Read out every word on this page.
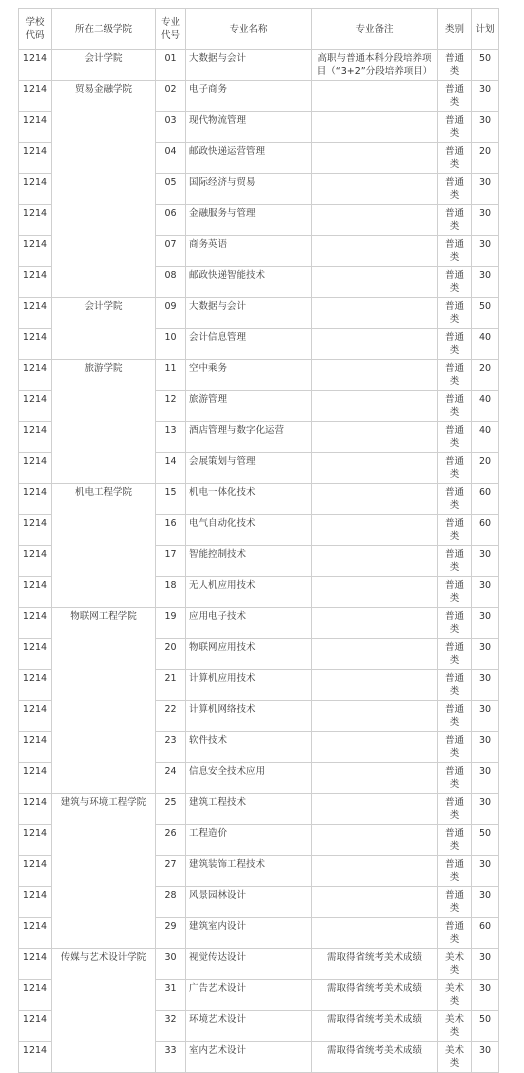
学校代码	所在二级学院	专业代号	专业名称	专业备注	类别	计划
1214	会计学院	01	大数据与会计	高职与普通本科分段培养项目（“3+2”分段培养项目）	普通类	50
1214	贸易金融学院	02	电子商务		普通类	30
1214		03	现代物流管理		普通类	30
1214		04	邮政快递运营管理		普通类	20
1214		05	国际经济与贸易		普通类	30
1214		06	金融服务与管理		普通类	30
1214		07	商务英语		普通类	30
1214		08	邮政快递智能技术		普通类	30
1214	会计学院	09	大数据与会计		普通类	50
1214		10	会计信息管理		普通类	40
1214	旅游学院	11	空中乘务		普通类	20
1214		12	旅游管理		普通类	40
1214		13	酒店管理与数字化运营		普通类	40
1214		14	会展策划与管理		普通类	20
1214	机电工程学院	15	机电一体化技术		普通类	60
1214		16	电气自动化技术		普通类	60
1214		17	智能控制技术		普通类	30
1214		18	无人机应用技术		普通类	30
1214	物联网工程学院	19	应用电子技术		普通类	30
1214		20	物联网应用技术		普通类	30
1214		21	计算机应用技术		普通类	30
1214		22	计算机网络技术		普通类	30
1214		23	软件技术		普通类	30
1214		24	信息安全技术应用		普通类	30
1214	建筑与环境工程学院	25	建筑工程技术		普通类	30
1214		26	工程造价		普通类	50
1214		27	建筑装饰工程技术		普通类	30
1214		28	风景园林设计		普通类	30
1214		29	建筑室内设计		普通类	60
1214	传媒与艺术设计学院	30	视觉传达设计	需取得省统考美术成绩	美术类	30
1214		31	广告艺术设计	需取得省统考美术成绩	美术类	30
1214		32	环境艺术设计	需取得省统考美术成绩	美术类	50
1214		33	室内艺术设计	需取得省统考美术成绩	美术类	30
